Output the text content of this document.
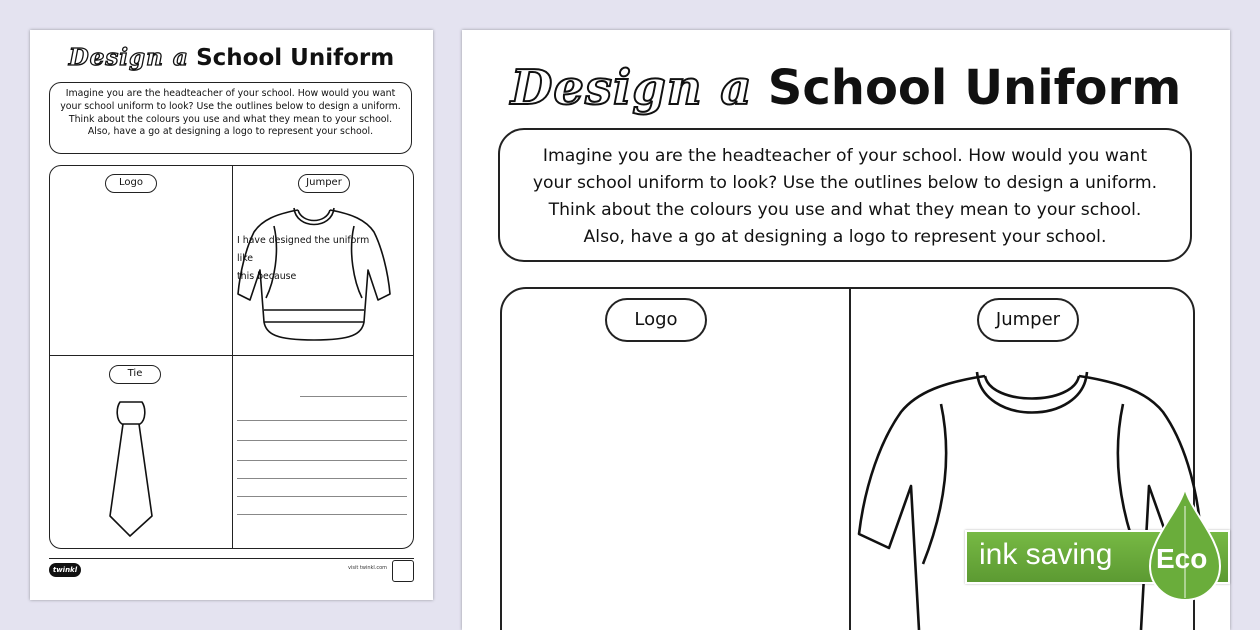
Design a School Uniform
Imagine you are the headteacher of your school. How would you want
your school uniform to look? Use the outlines below to design a uniform.
Think about the colours you use and what they mean to your school.
Also, have a go at designing a logo to represent your school.
Logo	Jumper
Tie
I have designed the uniform like
this because
twinkl	visit twinkl.com
Design a School Uniform
Imagine you are the headteacher of your school. How would you want
your school uniform to look? Use the outlines below to design a uniform.
Think about the colours you use and what they mean to your school.
Also, have a go at designing a logo to represent your school.
Logo	Jumper
ink saving Eco
